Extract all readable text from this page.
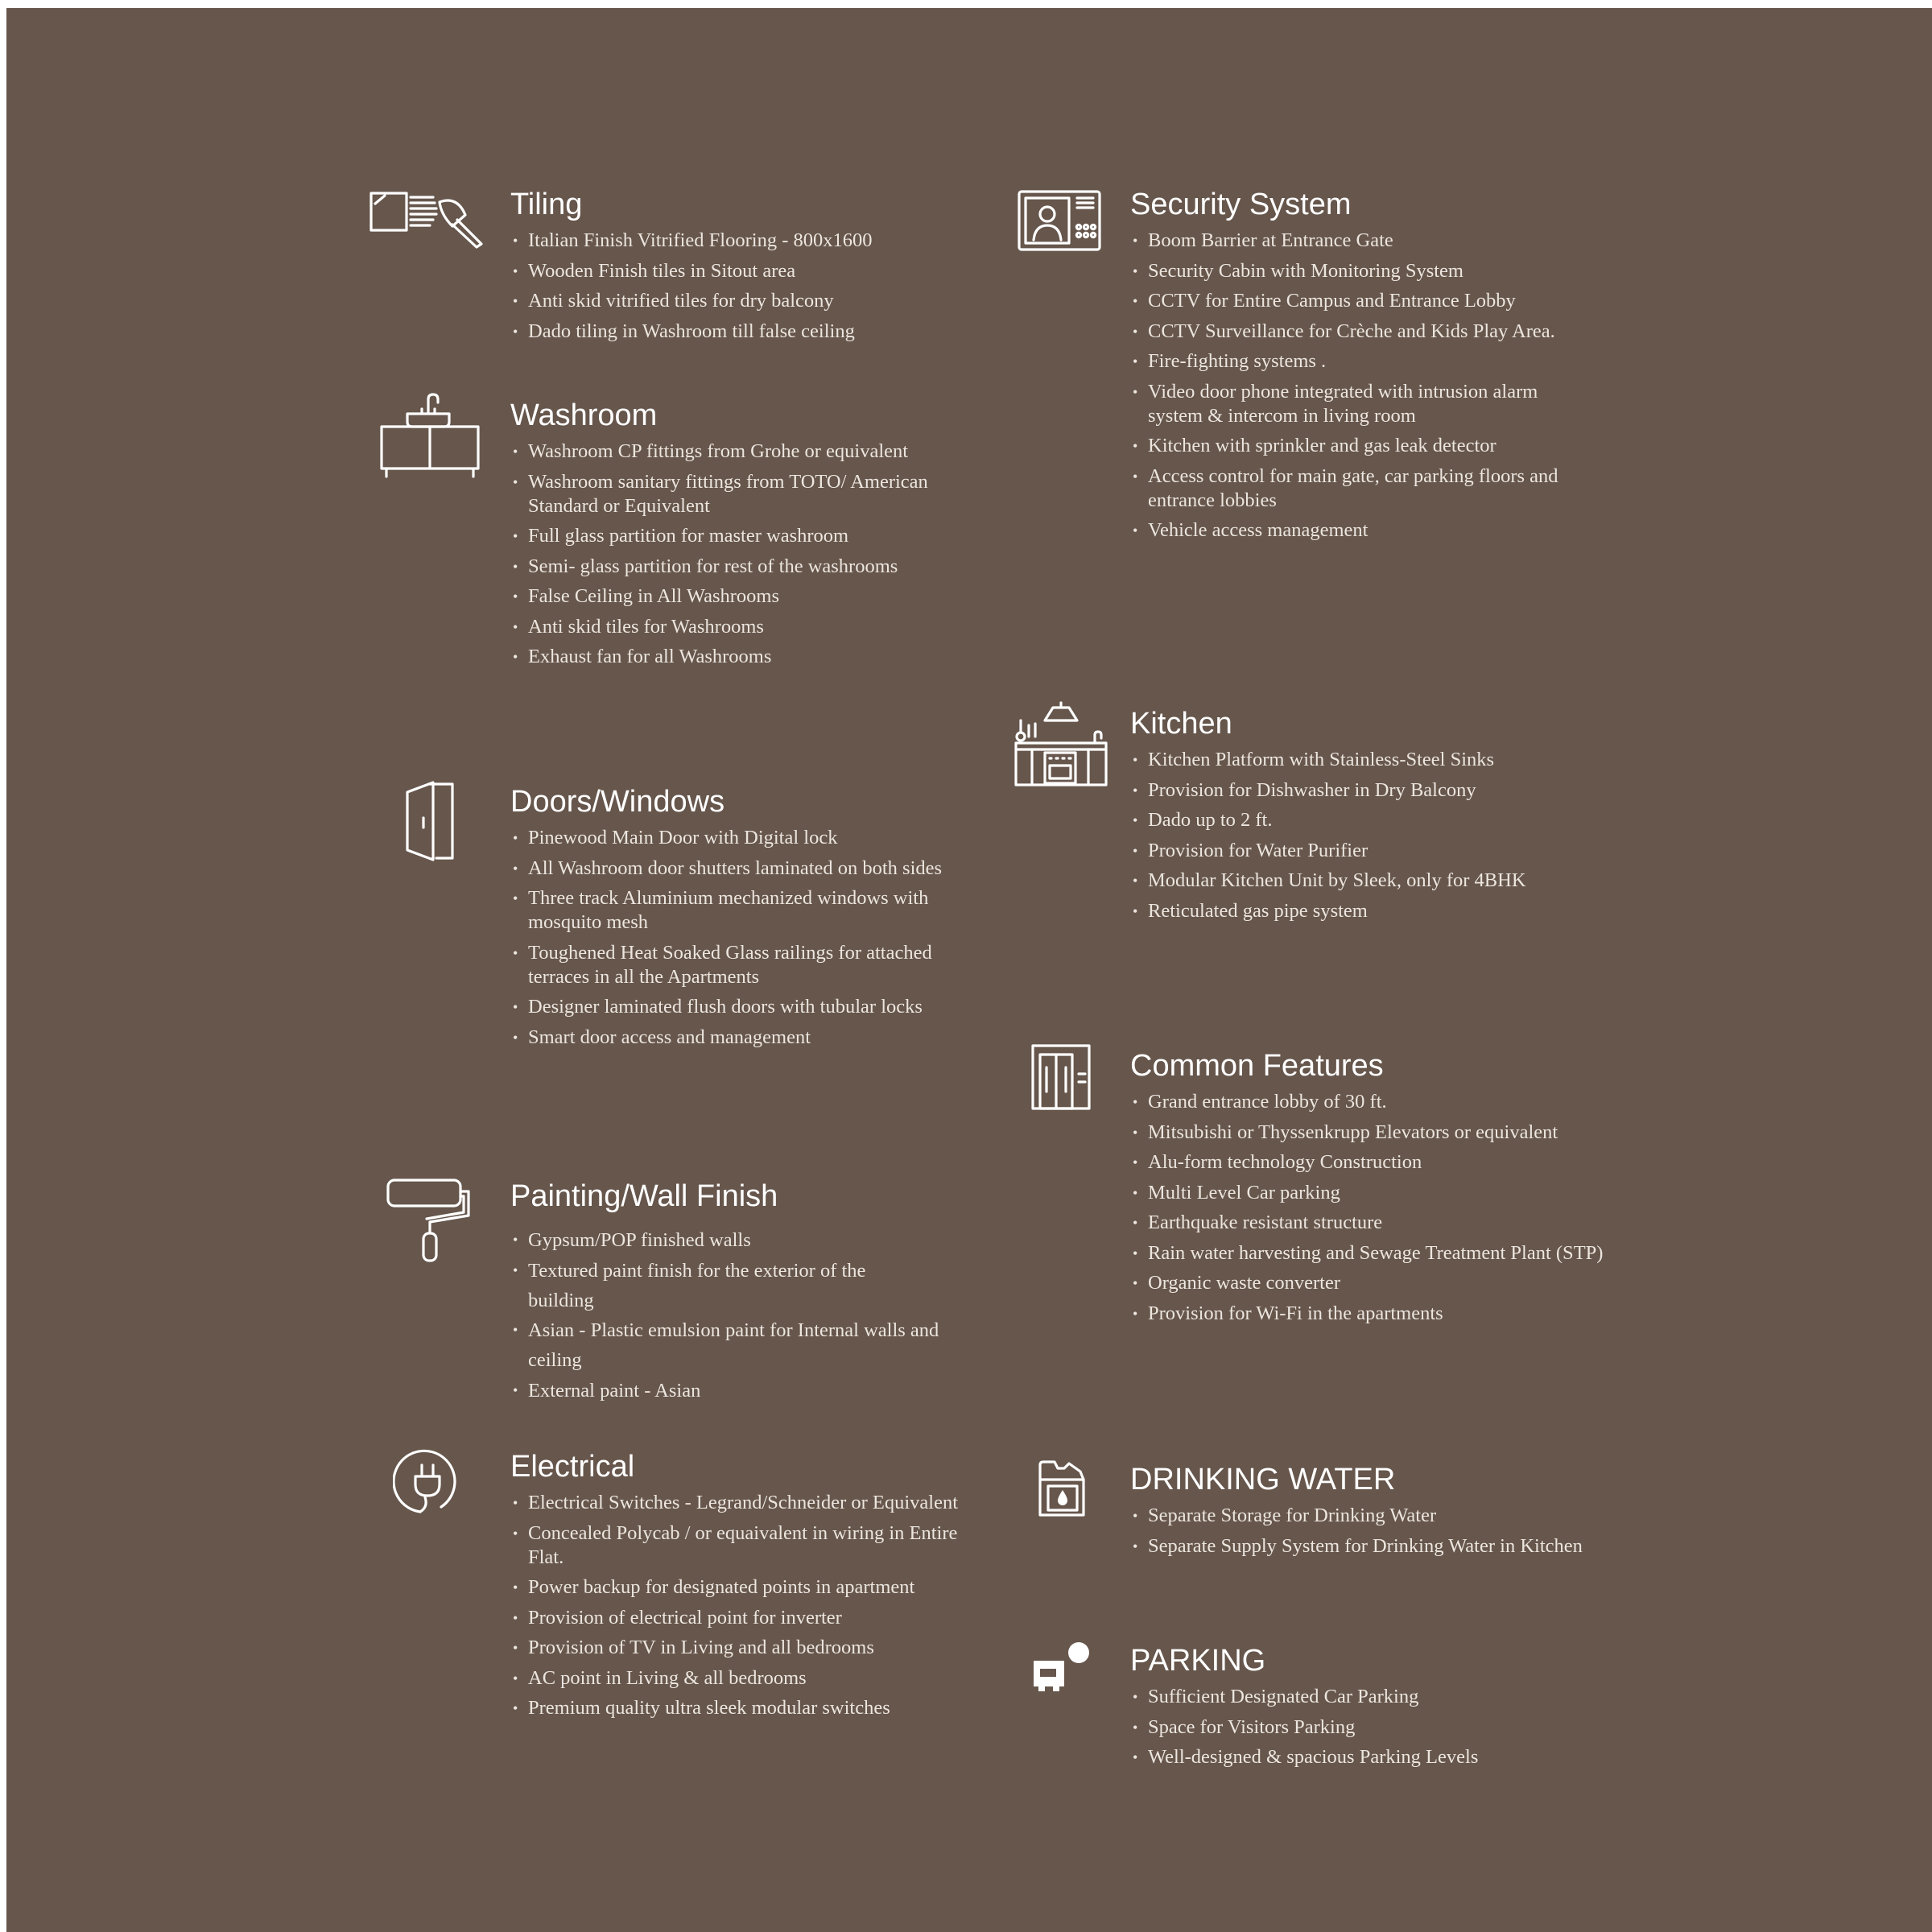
Tiling
• Italian Finish Vitrified Flooring - 800x1600
• Wooden Finish tiles in Sitout area
• Anti skid vitrified tiles for dry balcony
• Dado tiling in Washroom till false ceiling
Washroom
• Washroom CP fittings from Grohe or equivalent
• Washroom sanitary fittings from TOTO/ American Standard or Equivalent
• Full glass partition for master washroom
• Semi- glass partition for rest of the washrooms
• False Ceiling in All Washrooms
• Anti skid tiles for Washrooms
• Exhaust fan for all Washrooms
Doors/Windows
• Pinewood Main Door with Digital lock
• All Washroom door shutters laminated on both sides
• Three track Aluminium mechanized windows with mosquito mesh
• Toughened Heat Soaked Glass railings for attached terraces in all the Apartments
• Designer laminated flush doors with tubular locks
• Smart door access and management
Painting/Wall Finish
• Gypsum/POP finished walls
• Textured paint finish for the exterior of the building
• Asian - Plastic emulsion paint for Internal walls and ceiling
• External paint - Asian
Electrical
• Electrical Switches - Legrand/Schneider or Equivalent
• Concealed Polycab / or equaivalent in wiring in Entire Flat.
• Power backup for designated points in apartment
• Provision of electrical point for inverter
• Provision of TV in Living and all bedrooms
• AC point in Living & all bedrooms
• Premium quality ultra sleek modular switches
Security System
• Boom Barrier at Entrance Gate
• Security Cabin with Monitoring System
• CCTV for Entire Campus and Entrance Lobby
• CCTV Surveillance for Crèche and Kids Play Area.
• Fire-fighting systems .
• Video door phone integrated with intrusion alarm system & intercom in living room
• Kitchen with sprinkler and gas leak detector
• Access control for main gate, car parking floors and entrance lobbies
• Vehicle access management
Kitchen
• Kitchen Platform with Stainless-Steel Sinks
• Provision for Dishwasher in Dry Balcony
• Dado up to 2 ft.
• Provision for Water Purifier
• Modular Kitchen Unit by Sleek, only for 4BHK
• Reticulated gas pipe system
Common Features
• Grand entrance lobby of 30 ft.
• Mitsubishi or Thyssenkrupp Elevators or equivalent
• Alu-form technology Construction
• Multi Level Car parking
• Earthquake resistant structure
• Rain water harvesting and Sewage Treatment Plant (STP)
• Organic waste converter
• Provision for Wi-Fi in the apartments
DRINKING WATER
• Separate Storage for Drinking Water
• Separate Supply System for Drinking Water in Kitchen
PARKING
• Sufficient Designated Car Parking
• Space for Visitors Parking
• Well-designed & spacious Parking Levels
